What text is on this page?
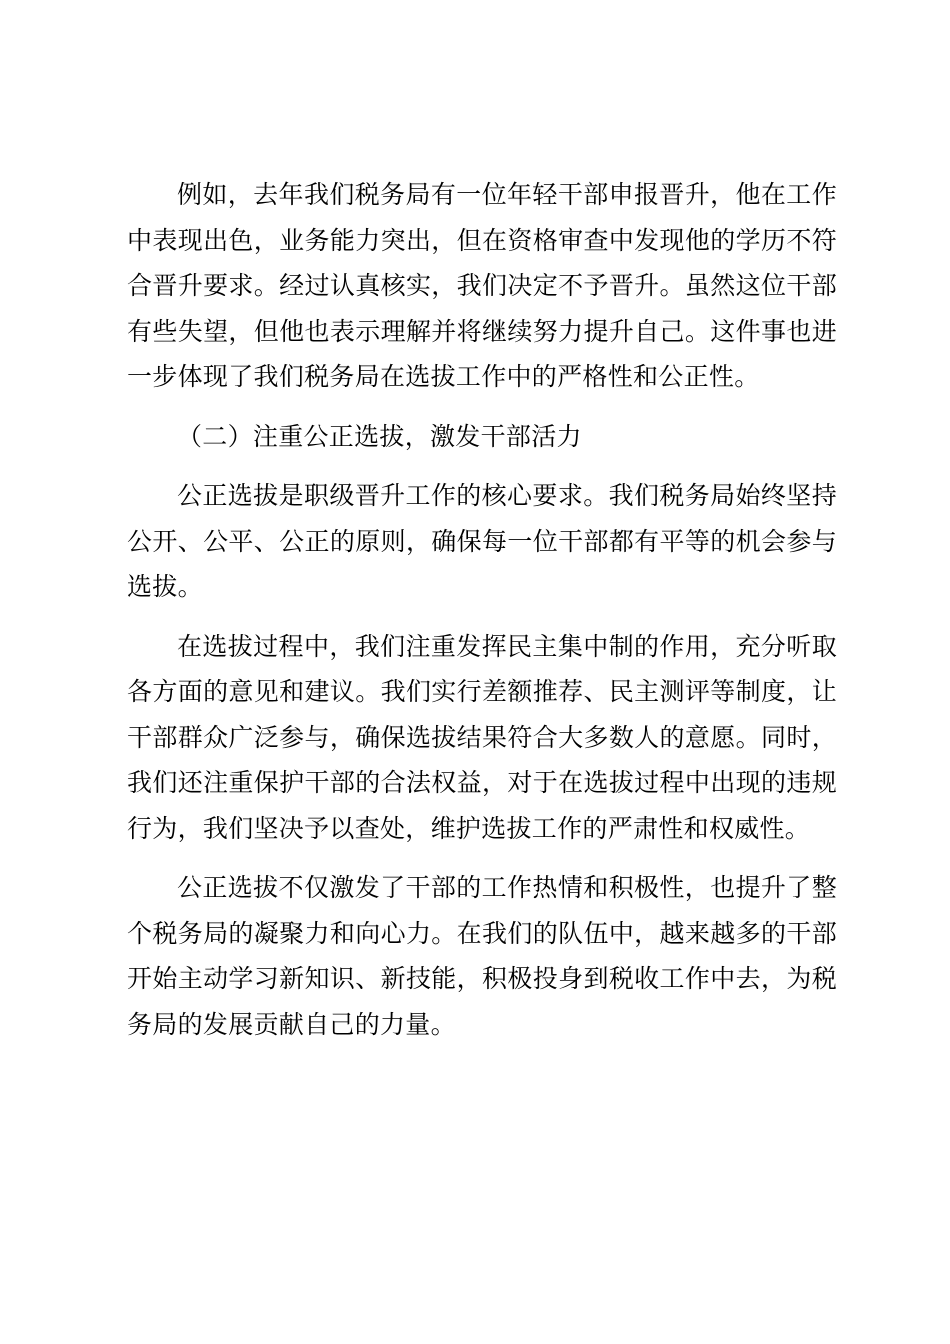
例如，去年我们税务局有一位年轻干部申报晋升，他在工作中表现出色，业务能力突出，但在资格审查中发现他的学历不符合晋升要求。经过认真核实，我们决定不予晋升。虽然这位干部有些失望，但他也表示理解并将继续努力提升自己。这件事也进一步体现了我们税务局在选拔工作中的严格性和公正性。

（二）注重公正选拔，激发干部活力

公正选拔是职级晋升工作的核心要求。我们税务局始终坚持公开、公平、公正的原则，确保每一位干部都有平等的机会参与选拔。

在选拔过程中，我们注重发挥民主集中制的作用，充分听取各方面的意见和建议。我们实行差额推荐、民主测评等制度，让干部群众广泛参与，确保选拔结果符合大多数人的意愿。同时，我们还注重保护干部的合法权益，对于在选拔过程中出现的违规行为，我们坚决予以查处，维护选拔工作的严肃性和权威性。

公正选拔不仅激发了干部的工作热情和积极性，也提升了整个税务局的凝聚力和向心力。在我们的队伍中，越来越多的干部开始主动学习新知识、新技能，积极投身到税收工作中去，为税务局的发展贡献自己的力量。
